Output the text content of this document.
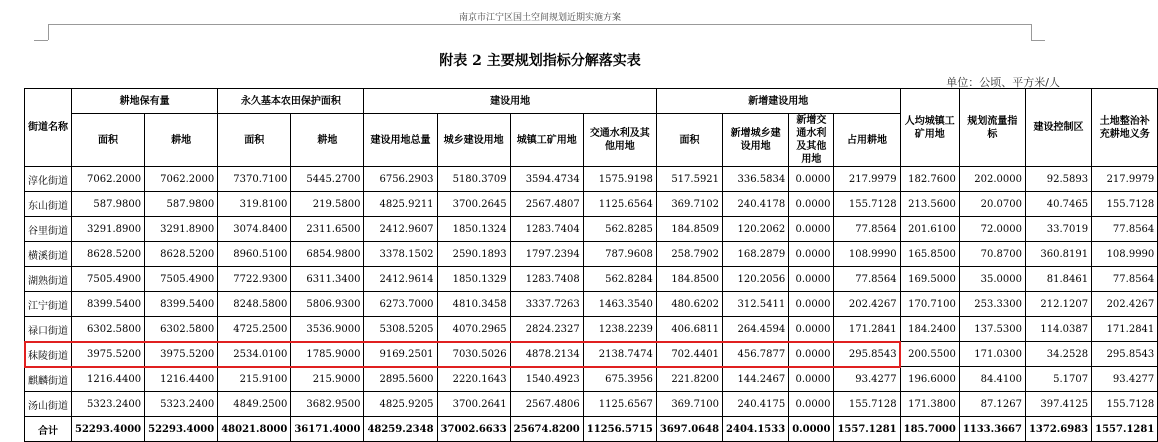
南京市江宁区国土空间规划近期实施方案
附表 2 主要规划指标分解落实表
单位：公顷、平方米/人
街道名称	耕地保有量		永久基本农田保护面积		建设用地				新增建设用地				人均城镇工矿用地	规划流量指标	建设控制区	土地整治补充耕地义务
	面积	耕地	面积	耕地	建设用地总量	城乡建设用地	城镇工矿用地	交通水利及其他用地	面积	新增城乡建设用地	新增交通水利及其他用地	占用耕地				
淳化街道	7062.2000	7062.2000	7370.7100	5445.2700	6756.2903	5180.3709	3594.4734	1575.9198	517.5921	336.5834	0.0000	217.9979	182.7600	202.0000	92.5893	217.9979
东山街道	587.9800	587.9800	319.8100	219.5800	4825.9211	3700.2645	2567.4807	1125.6564	369.7102	240.4178	0.0000	155.7128	213.5600	20.0700	40.7465	155.7128
谷里街道	3291.8900	3291.8900	3074.8400	2311.6500	2412.9607	1850.1324	1283.7404	562.8285	184.8509	120.2062	0.0000	77.8564	201.6100	72.0000	33.7019	77.8564
横溪街道	8628.5200	8628.5200	8960.5100	6854.9800	3378.1502	2590.1893	1797.2394	787.9608	258.7902	168.2879	0.0000	108.9990	165.8500	70.8700	360.8191	108.9990
湖熟街道	7505.4900	7505.4900	7722.9300	6311.3400	2412.9614	1850.1329	1283.7408	562.8284	184.8500	120.2056	0.0000	77.8564	169.5000	35.0000	81.8461	77.8564
江宁街道	8399.5400	8399.5400	8248.5800	5806.9300	6273.7000	4810.3458	3337.7263	1463.3540	480.6202	312.5411	0.0000	202.4267	170.7100	253.3300	212.1207	202.4267
禄口街道	6302.5800	6302.5800	4725.2500	3536.9000	5308.5205	4070.2965	2824.2327	1238.2239	406.6811	264.4594	0.0000	171.2841	184.2400	137.5300	114.0387	171.2841
秣陵街道	3975.5200	3975.5200	2534.0100	1785.9000	9169.2501	7030.5026	4878.2134	2138.7474	702.4401	456.7877	0.0000	295.8543	200.5500	171.0300	34.2528	295.8543
麒麟街道	1216.4400	1216.4400	215.9100	215.9000	2895.5600	2220.1643	1540.4923	675.3956	221.8200	144.2467	0.0000	93.4277	196.6000	84.4100	5.1707	93.4277
汤山街道	5323.2400	5323.2400	4849.2500	3682.9500	4825.9205	3700.2641	2567.4806	1125.6567	369.7100	240.4175	0.0000	155.7128	171.3800	87.1267	397.4125	155.7128
合计	52293.4000	52293.4000	48021.8000	36171.4000	48259.2348	37002.6633	25674.8200	11256.5715	3697.0648	2404.1533	0.0000	1557.1281	185.7000	1133.3667	1372.6983	1557.1281
